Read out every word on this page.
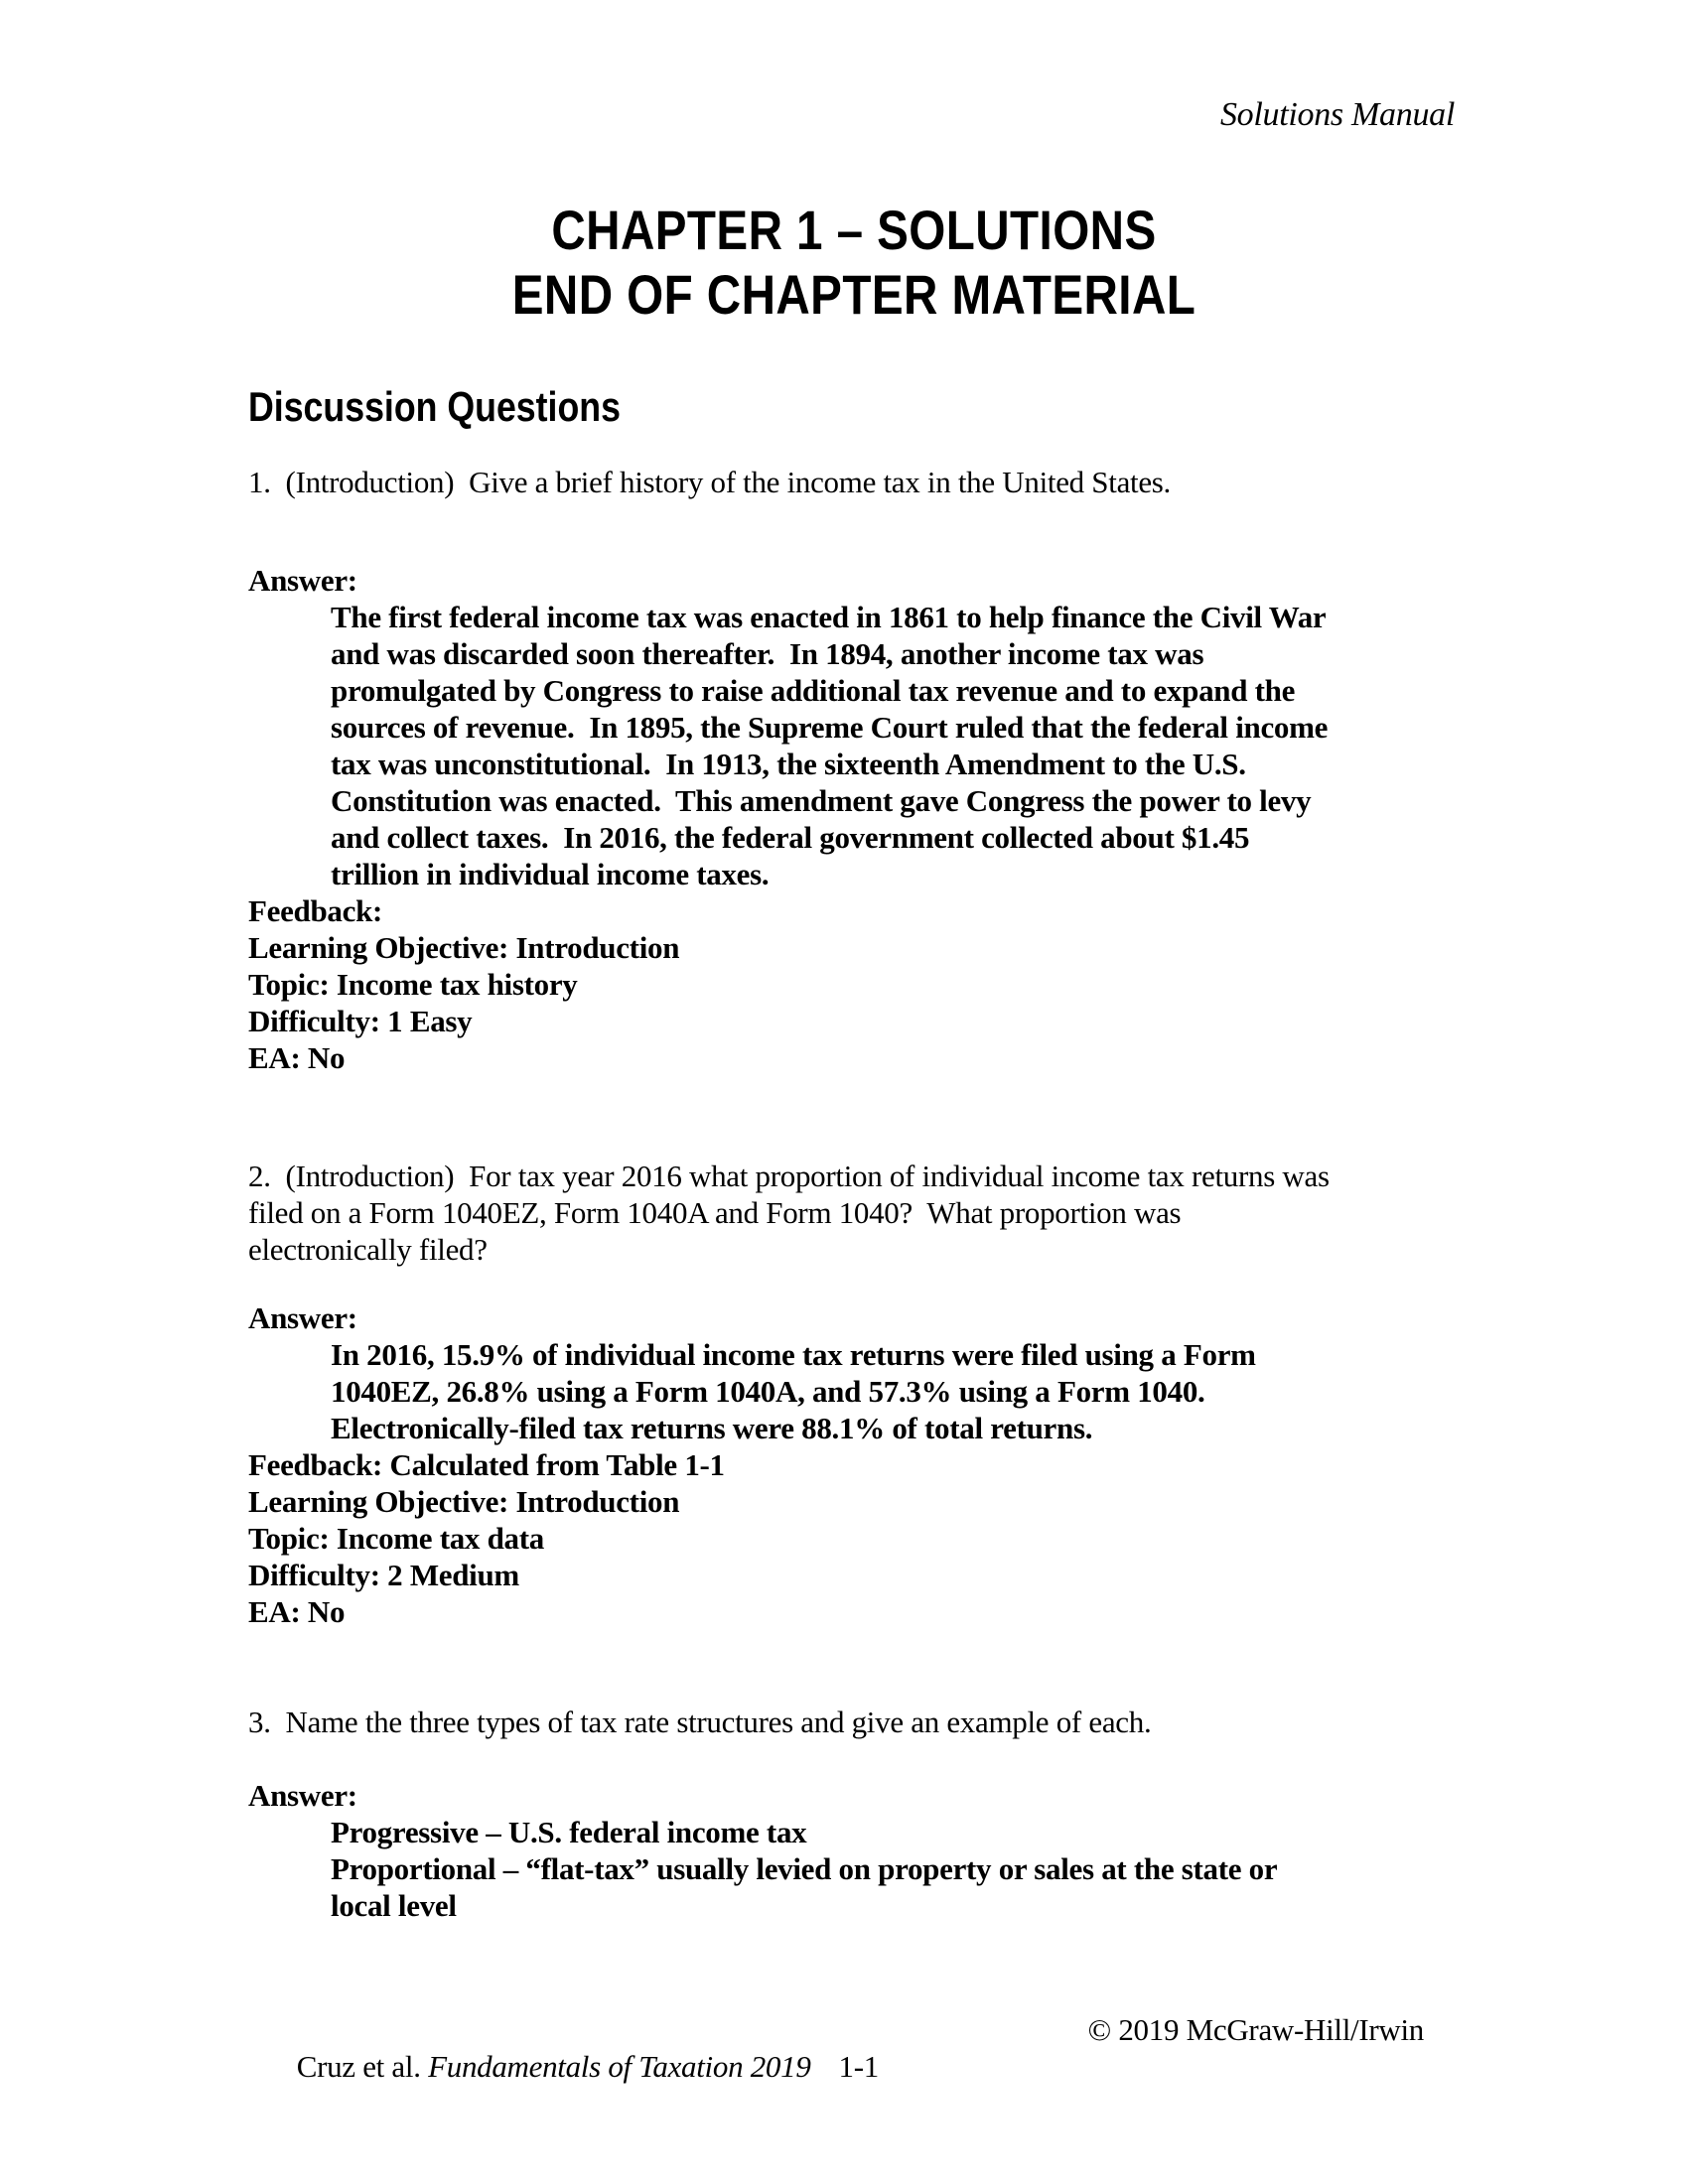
Solutions Manual
CHAPTER 1 – SOLUTIONS
END OF CHAPTER MATERIAL
Discussion Questions
1.  (Introduction)  Give a brief history of the income tax in the United States.
Answer:
The first federal income tax was enacted in 1861 to help finance the Civil War
and was discarded soon thereafter.  In 1894, another income tax was
promulgated by Congress to raise additional tax revenue and to expand the
sources of revenue.  In 1895, the Supreme Court ruled that the federal income
tax was unconstitutional.  In 1913, the sixteenth Amendment to the U.S.
Constitution was enacted.  This amendment gave Congress the power to levy
and collect taxes.  In 2016, the federal government collected about $1.45
trillion in individual income taxes.
Feedback:
Learning Objective: Introduction
Topic: Income tax history
Difficulty: 1 Easy
EA: No
2.  (Introduction)  For tax year 2016 what proportion of individual income tax returns was
filed on a Form 1040EZ, Form 1040A and Form 1040?  What proportion was
electronically filed?
Answer:
In 2016, 15.9% of individual income tax returns were filed using a Form
1040EZ, 26.8% using a Form 1040A, and 57.3% using a Form 1040.
Electronically-filed tax returns were 88.1% of total returns.
Feedback: Calculated from Table 1-1
Learning Objective: Introduction
Topic: Income tax data
Difficulty: 2 Medium
EA: No
3.  Name the three types of tax rate structures and give an example of each.
Answer:
Progressive – U.S. federal income tax
Proportional – “flat-tax” usually levied on property or sales at the state or
local level

Cruz et al. Fundamentals of Taxation 2019 1-1

© 2019 McGraw-Hill/Irwin
